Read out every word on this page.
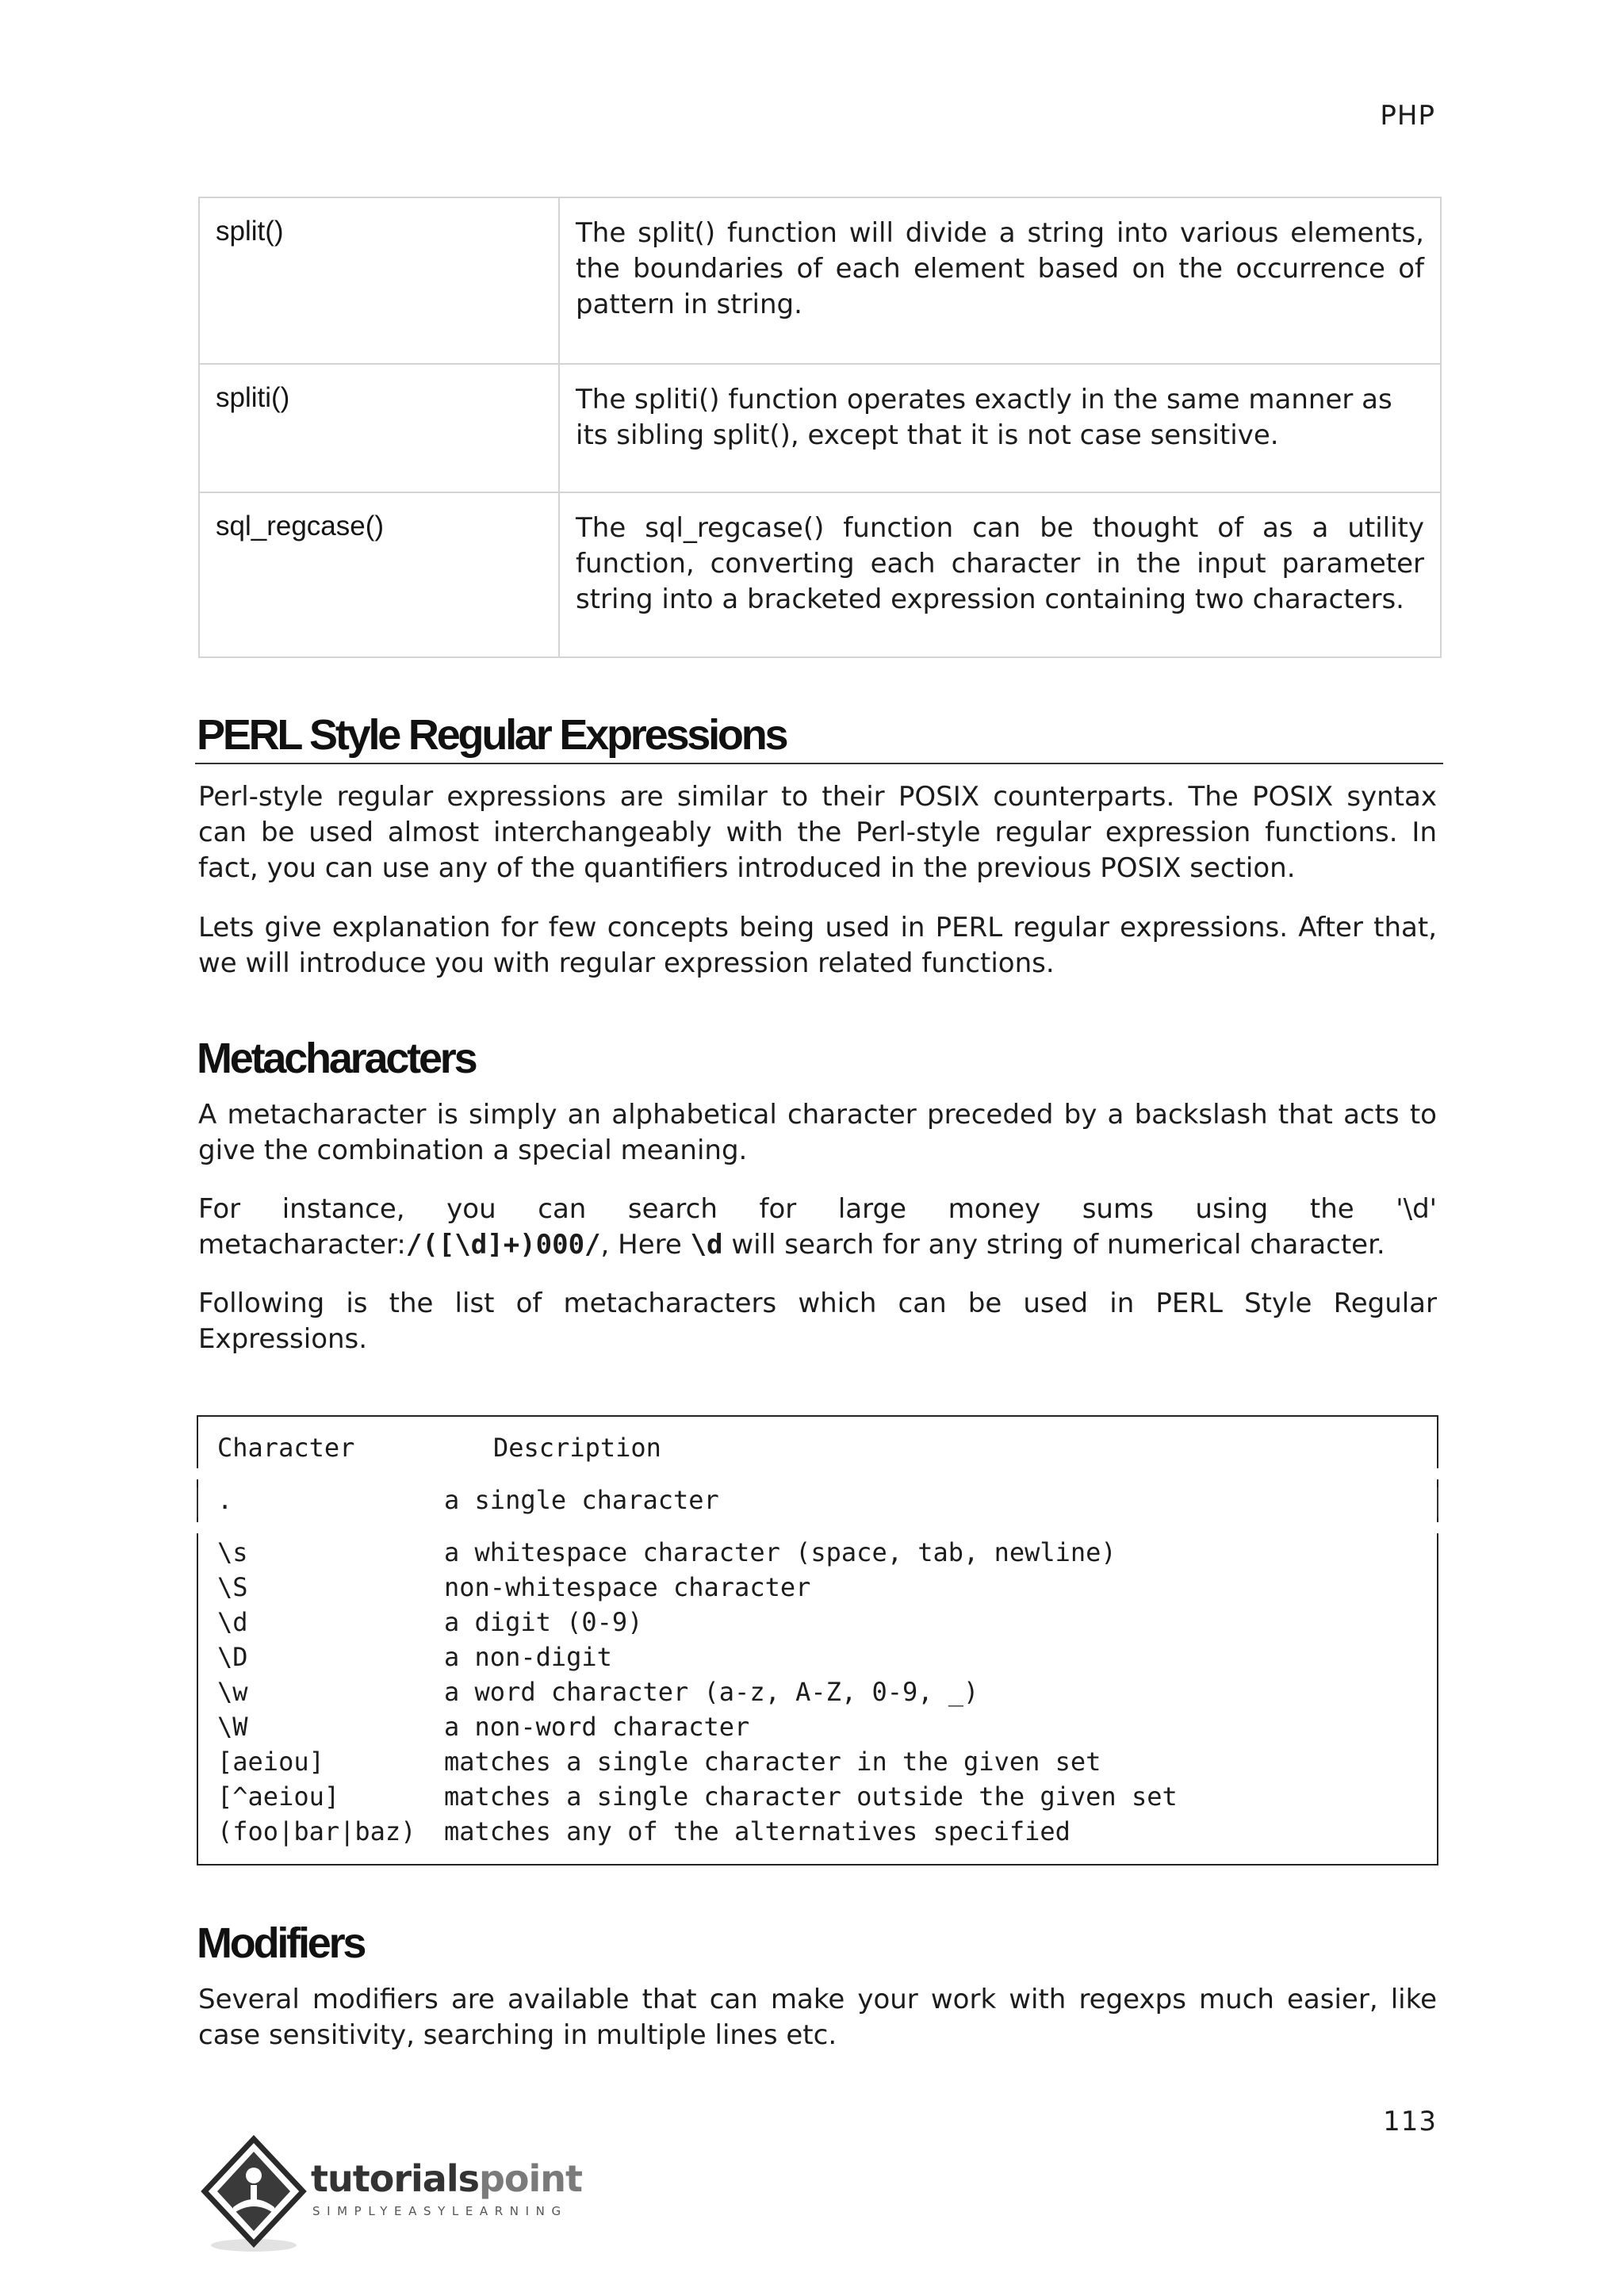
PHP
split()	The split() function will divide a string into various elements, the boundaries of each element based on the occurrence of pattern in string.
spliti()	The spliti() function operates exactly in the same manner as its sibling split(), except that it is not case sensitive.
sql_regcase()	The sql_regcase() function can be thought of as a utility function, converting each character in the input parameter string into a bracketed expression containing two characters.
PERL Style Regular Expressions
Perl-style regular expressions are similar to their POSIX counterparts. The POSIX syntax can be used almost interchangeably with the Perl-style regular expression functions. In fact, you can use any of the quantifiers introduced in the previous POSIX section.
Lets give explanation for few concepts being used in PERL regular expressions. After that, we will introduce you with regular expression related functions.
Metacharacters
A metacharacter is simply an alphabetical character preceded by a backslash that acts to give the combination a special meaning.
For instance, you can search for large money sums using the '\d'
metacharacter:/([\d]+)000/, Here \d will search for any string of numerical character.
Following is the list of metacharacters which can be used in PERL Style Regular Expressions.
Character	Description
.	a single character
\s	a whitespace character (space, tab, newline)
\S	non-whitespace character
\d	a digit (0-9)
\D	a non-digit
\w	a word character (a-z, A-Z, 0-9, _)
\W	a non-word character
[aeiou]	matches a single character in the given set
[^aeiou]	matches a single character outside the given set
(foo|bar|baz) matches any of the alternatives specified
Modifiers
Several modifiers are available that can make your work with regexps much easier, like case sensitivity, searching in multiple lines etc.
113
tutorialspoint
SIMPLYEASYLEARNING
